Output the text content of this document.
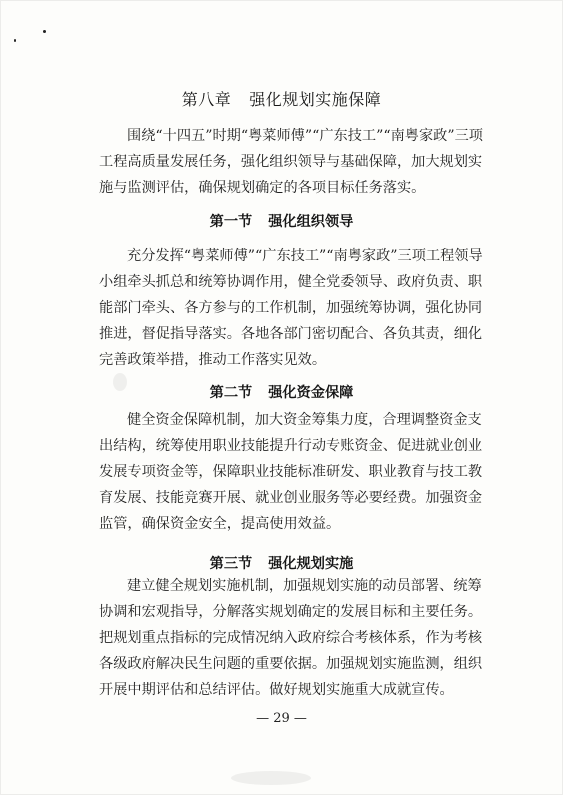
第八章 强化规划实施保障
围绕“十四五”时期“粤菜师傅”“广东技工”“南粤家政”三项
工程高质量发展任务，强化组织领导与基础保障，加大规划实
施与监测评估，确保规划确定的各项目标任务落实。
第一节 强化组织领导
充分发挥“粤菜师傅”“广东技工”“南粤家政”三项工程领导
小组牵头抓总和统筹协调作用，健全党委领导、政府负责、职
能部门牵头、各方参与的工作机制，加强统筹协调，强化协同
推进，督促指导落实。各地各部门密切配合、各负其责，细化
完善政策举措，推动工作落实见效。
第二节 强化资金保障
健全资金保障机制，加大资金筹集力度，合理调整资金支
出结构，统筹使用职业技能提升行动专账资金、促进就业创业
发展专项资金等，保障职业技能标准研发、职业教育与技工教
育发展、技能竞赛开展、就业创业服务等必要经费。加强资金
监管，确保资金安全，提高使用效益。
第三节 强化规划实施
建立健全规划实施机制，加强规划实施的动员部署、统筹
协调和宏观指导，分解落实规划确定的发展目标和主要任务。
把规划重点指标的完成情况纳入政府综合考核体系，作为考核
各级政府解决民生问题的重要依据。加强规划实施监测，组织
开展中期评估和总结评估。做好规划实施重大成就宣传。
— 29 —
